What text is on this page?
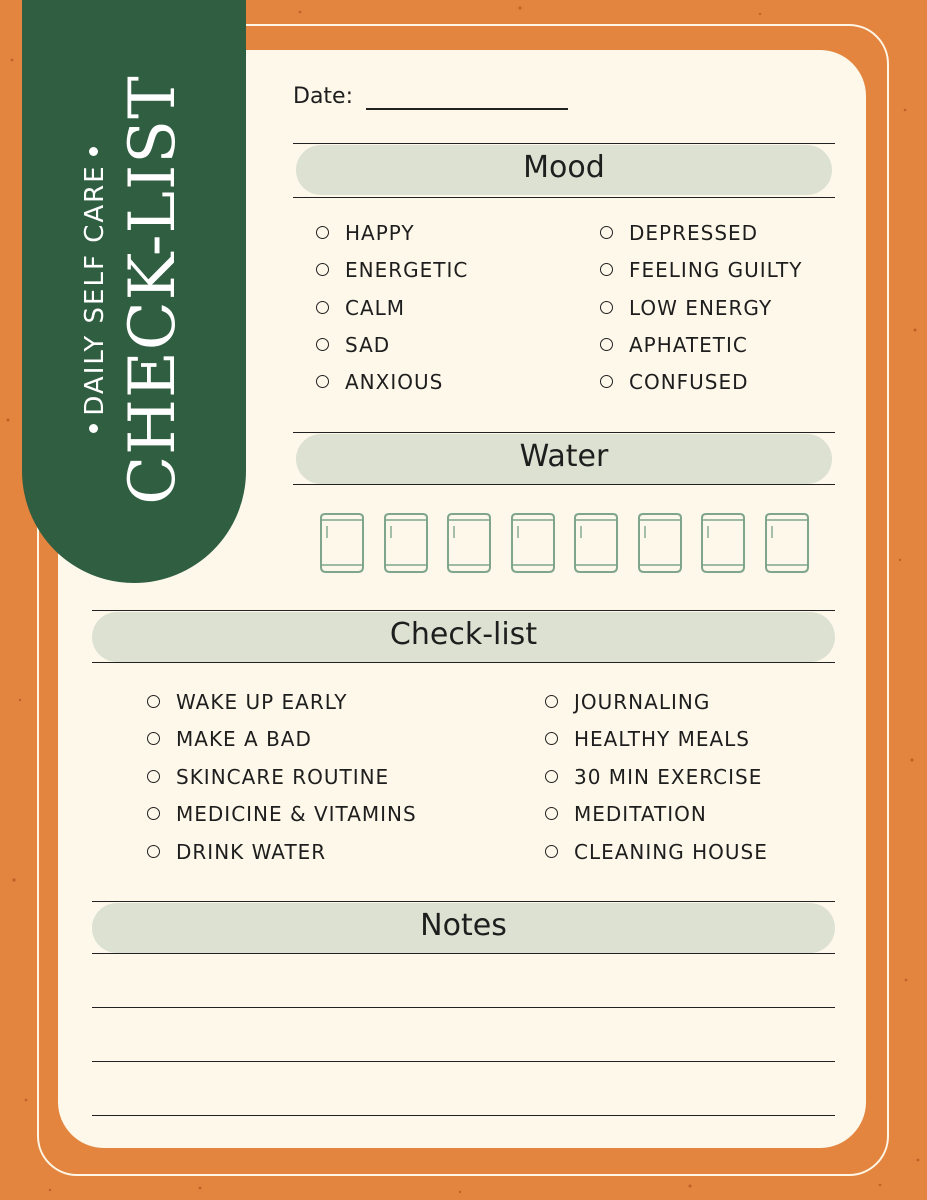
DAILY SELF CARE CHECK-LIST	Date:
Mood
HAPPY
ENERGETIC
CALM
SAD
ANXIOUS
DEPRESSED
FEELING GUILTY
LOW ENERGY
APHATETIC
CONFUSED
Water
Check-list
WAKE UP EARLY
MAKE A BAD
SKINCARE ROUTINE
MEDICINE & VITAMINS
DRINK WATER
JOURNALING
HEALTHY MEALS
30 MIN EXERCISE
MEDITATION
CLEANING HOUSE
Notes
